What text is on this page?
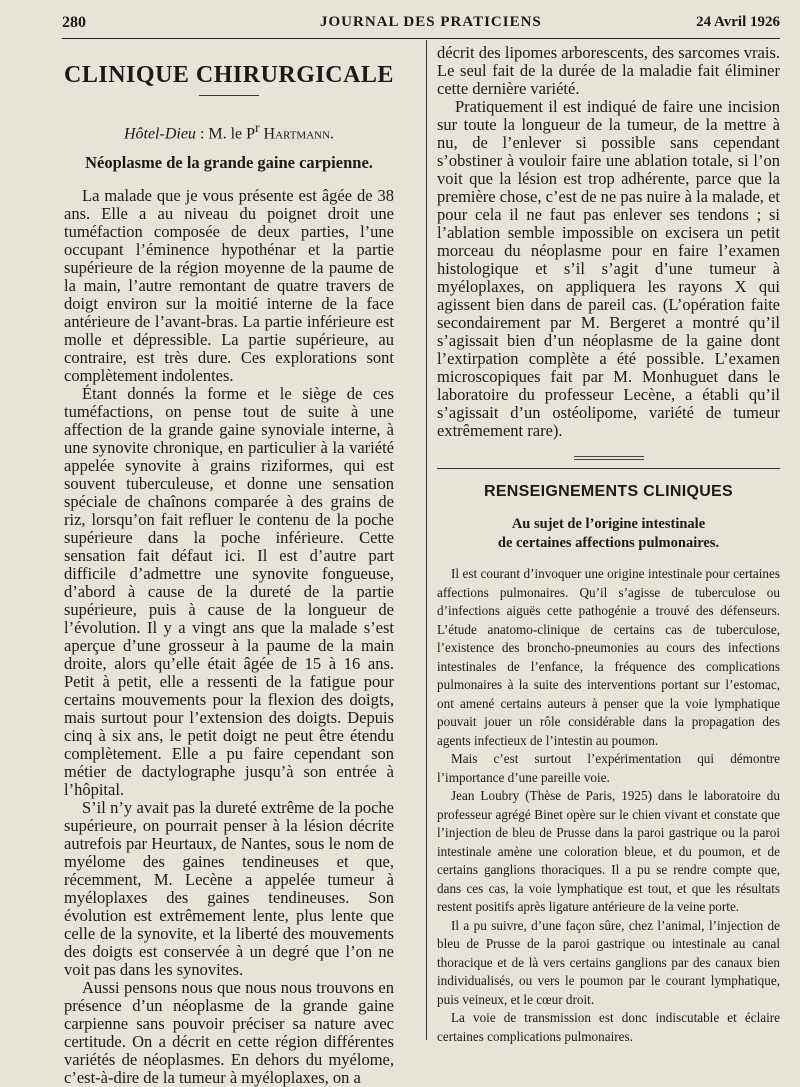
280	JOURNAL DES PRATICIENS	24 Avril 1926
CLINIQUE CHIRURGICALE
Hôtel-Dieu : M. le $P^r$ Hartmann.
Néoplasme de la grande gaine carpienne.

La malade que je vous présente est âgée de 38 ans. Elle a au niveau du poignet droit une tuméfaction composée de deux parties, l’une occupant l’éminence hypothénar et la partie supérieure de la région moyenne de la paume de la main, l’autre remontant de quatre travers de doigt environ sur la moitié interne de la face antérieure de l’avant-bras. La partie inférieure est molle et dépressible. La partie supérieure, au contraire, est très dure. Ces explorations sont complètement indolentes.

Étant donnés la forme et le siège de ces tuméfactions, on pense tout de suite à une affection de la grande gaine synoviale interne, à une synovite chronique, en particulier à la variété appelée synovite à grains riziformes, qui est souvent tuberculeuse, et donne une sensation spéciale de chaînons comparée à des grains de riz, lorsqu’on fait refluer le contenu de la poche supérieure dans la poche inférieure. Cette sensation fait défaut ici. Il est d’autre part difficile d’admettre une synovite fongueuse, d’abord à cause de la dureté de la partie supérieure, puis à cause de la longueur de l’évolution. Il y a vingt ans que la malade s’est aperçue d’une grosseur à la paume de la main droite, alors qu’elle était âgée de 15 à 16 ans. Petit à petit, elle a ressenti de la fatigue pour certains mouvements pour la flexion des doigts, mais surtout pour l’extension des doigts. Depuis cinq à six ans, le petit doigt ne peut être étendu complètement. Elle a pu faire cependant son métier de dactylographe jusqu’à son entrée à l’hôpital.

S’il n’y avait pas la dureté extrême de la poche supérieure, on pourrait penser à la lésion décrite autrefois par Heurtaux, de Nantes, sous le nom de myélome des gaines tendineuses et que, récemment, M. Lecène a appelée tumeur à myéloplaxes des gaines tendineuses. Son évolution est extrêmement lente, plus lente que celle de la synovite, et la liberté des mouvements des doigts est conservée à un degré que l’on ne voit pas dans les synovites.

Aussi pensons nous que nous nous trouvons en présence d’un néoplasme de la grande gaine carpienne sans pouvoir préciser sa nature avec certitude. On a décrit en cette région différentes variétés de néoplasmes. En dehors du myélome, c’est-à-dire de la tumeur à myéloplaxes, on a

décrit des lipomes arborescents, des sarcomes vrais. Le seul fait de la durée de la maladie fait éliminer cette dernière variété.

Pratiquement il est indiqué de faire une incision sur toute la longueur de la tumeur, de la mettre à nu, de l’enlever si possible sans cependant s’obstiner à vouloir faire une ablation totale, si l’on voit que la lésion est trop adhérente, parce que la première chose, c’est de ne pas nuire à la malade, et pour cela il ne faut pas enlever ses tendons ; si l’ablation semble impossible on excisera un petit morceau du néoplasme pour en faire l’examen histologique et s’il s’agit d’une tumeur à myéloplaxes, on appliquera les rayons X qui agissent bien dans de pareil cas. (L’opération faite secondairement par M. Bergeret a montré qu’il s’agissait bien d’un néoplasme de la gaine dont l’extirpation complète a été possible. L’examen microscopiques fait par M. Monhuguet dans le laboratoire du professeur Lecène, a établi qu’il s’agissait d’un ostéolipome, variété de tumeur extrêmement rare).

RENSEIGNEMENTS CLINIQUES
Au sujet de l’origine intestinale
de certaines affections pulmonaires.

Il est courant d’invoquer une origine intestinale pour certaines affections pulmonaires. Qu’il s’agisse de tuberculose ou d’infections aiguës cette pathogénie a trouvé des défenseurs. L’étude anatomo-clinique de certains cas de tuberculose, l’existence des broncho-pneumonies au cours des infections intestinales de l’enfance, la fréquence des complications pulmonaires à la suite des interventions portant sur l’estomac, ont amené certains auteurs à penser que la voie lymphatique pouvait jouer un rôle considérable dans la propagation des agents infectieux de l’intestin au poumon.

Mais c’est surtout l’expérimentation qui démontre l’importance d’une pareille voie.

Jean Loubry (Thèse de Paris, 1925) dans le laboratoire du professeur agrégé Binet opère sur le chien vivant et constate que l’injection de bleu de Prusse dans la paroi gastrique ou la paroi intestinale amène une coloration bleue, et du poumon, et de certains ganglions thoraciques. Il a pu se rendre compte que, dans ces cas, la voie lymphatique est tout, et que les résultats restent positifs après ligature antérieure de la veine porte.

Il a pu suivre, d’une façon sûre, chez l’animal, l’injection de bleu de Prusse de la paroi gastrique ou intestinale au canal thoracique et de là vers certains ganglions par des canaux bien individualisés, ou vers le poumon par le courant lymphatique, puis veineux, et le cœur droit.

La voie de transmission est donc indiscutable et éclaire certaines complications pulmonaires.
